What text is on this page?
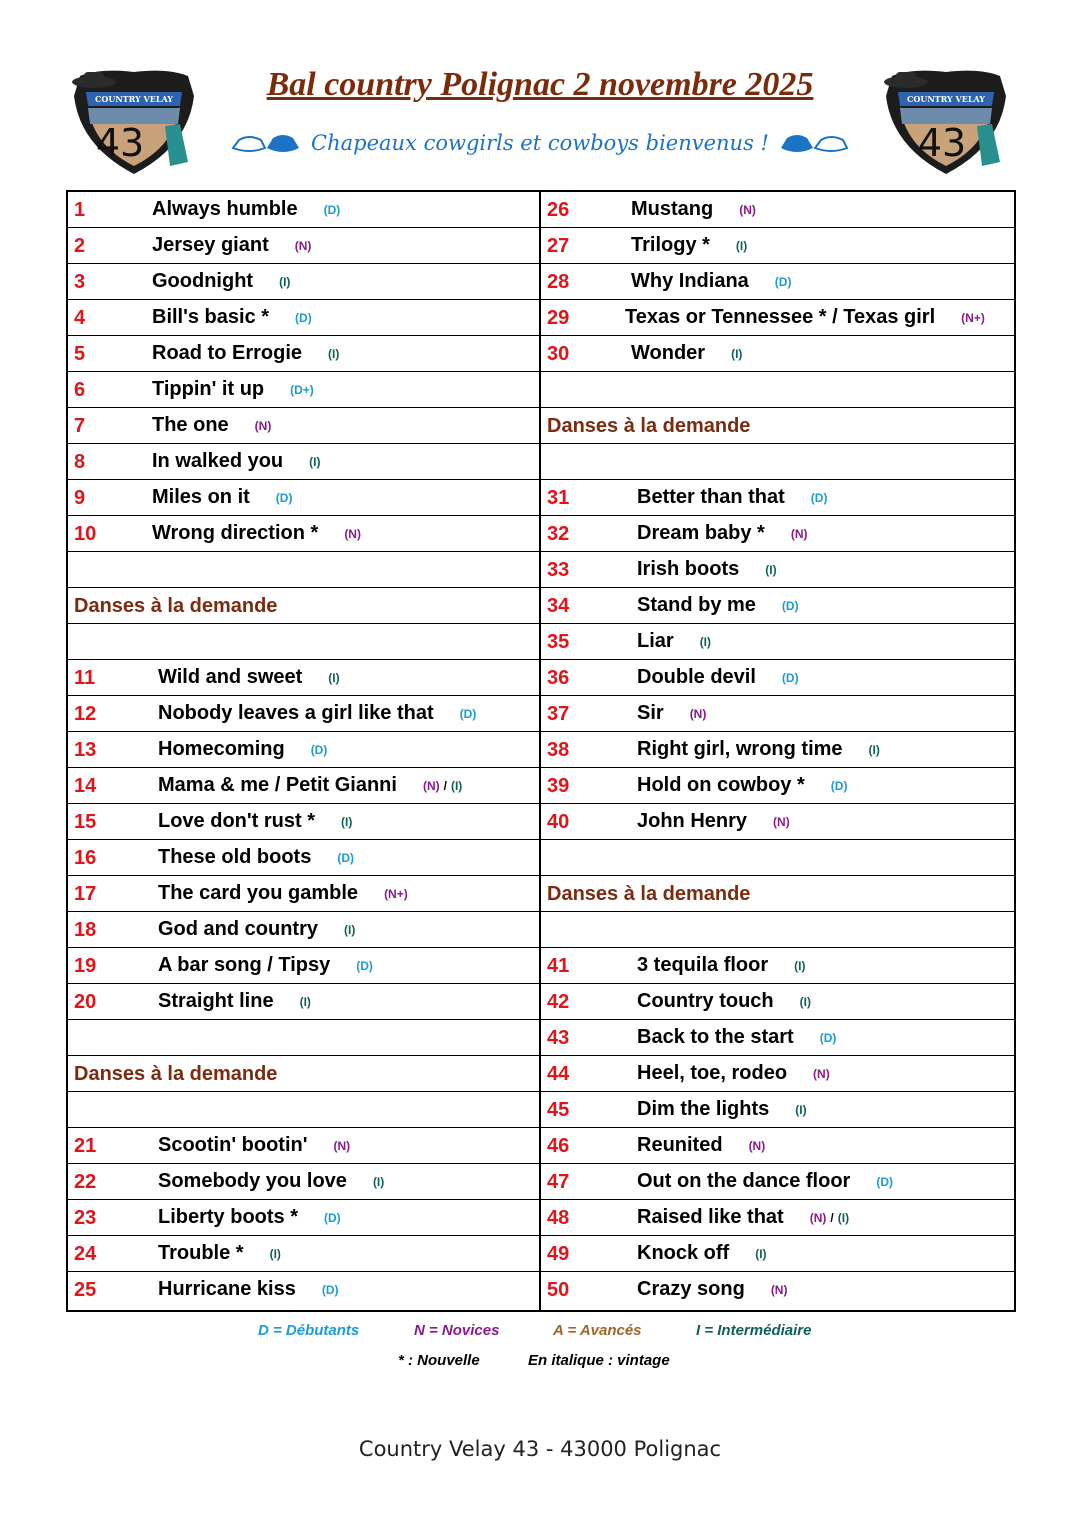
COUNTRY VELAY
43
Bal country Polignac 2 novembre 2025
Chapeaux cowgirls et cowboys bienvenus !
COUNTRY VELAY
43
1	Always humble (D)
2	Jersey giant (N)
3	Goodnight (I)
4	Bill's basic * (D)
5	Road to Errogie (I)
6	Tippin' it up (D+)
7	The one (N)
8	In walked you (I)
9	Miles on it (D)
10	Wrong direction * (N)
Danses à la demande
11	Wild and sweet (I)
12	Nobody leaves a girl like that (D)
13	Homecoming (D)
14	Mama & me / Petit Gianni (N) / (I)
15	Love don't rust * (I)
16	These old boots (D)
17	The card you gamble (N+)
18	God and country (I)
19	A bar song / Tipsy (D)
20	Straight line (I)
Danses à la demande
21	Scootin' bootin' (N)
22	Somebody you love (I)
23	Liberty boots * (D)
24	Trouble * (I)
25	Hurricane kiss (D)
26	Mustang (N)
27	Trilogy * (I)
28	Why Indiana (D)
29	Texas or Tennessee * / Texas girl (N+)
30	Wonder (I)
Danses à la demande
31	Better than that (D)
32	Dream baby * (N)
33	Irish boots (I)
34	Stand by me (D)
35	Liar (I)
36	Double devil (D)
37	Sir (N)
38	Right girl, wrong time (I)
39	Hold on cowboy * (D)
40	John Henry (N)
Danses à la demande
41	3 tequila floor (I)
42	Country touch (I)
43	Back to the start (D)
44	Heel, toe, rodeo (N)
45	Dim the lights (I)
46	Reunited (N)
47	Out on the dance floor (D)
48	Raised like that (N) / (I)
49	Knock off (I)
50	Crazy song (N)
D = Débutants	N = Novices	A = Avancés	I = Intermédiaire
* : Nouvelle	En italique : vintage
Country Velay 43 - 43000 Polignac
